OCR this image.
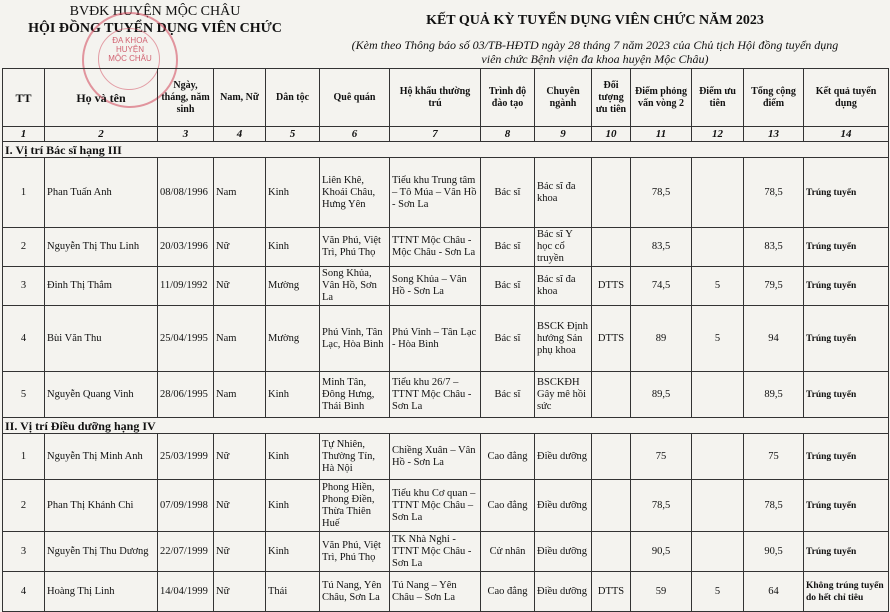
BVĐK HUYỆN MỘC CHÂU
HỘI ĐỒNG TUYỂN DỤNG VIÊN CHỨC
ĐA KHOA
HUYỆN
MỘC CHÂU
KẾT QUẢ KỲ TUYỂN DỤNG VIÊN CHỨC NĂM 2023
(Kèm theo Thông báo số 03/TB-HĐTD ngày 28 tháng 7 năm 2023 của Chủ tịch Hội đồng tuyển dụng
viên chức Bệnh viện đa khoa huyện Mộc Châu)
TT	Họ và tên	Ngày, tháng, năm sinh	Nam, Nữ	Dân tộc	Quê quán	Hộ khẩu thường trú	Trình độ đào tạo	Chuyên ngành	Đối tượng ưu tiên	Điểm phỏng vấn vòng 2	Điểm ưu tiên	Tổng cộng điểm	Kết quả tuyển dụng
1	2	3	4	5	6	7	8	9	10	11	12	13	14
I. Vị trí Bác sĩ hạng III													
1	Phan Tuấn Anh	08/08/1996	Nam	Kinh	Liên Khê, Khoái Châu, Hưng Yên	Tiểu khu Trung tâm – Tô Múa – Vân Hồ - Sơn La	Bác sĩ	Bác sĩ đa khoa		78,5		78,5	Trúng tuyển
2	Nguyễn Thị Thu Linh	20/03/1996	Nữ	Kinh	Văn Phú, Việt Trì, Phú Thọ	TTNT Mộc Châu - Mộc Châu - Sơn La	Bác sĩ	Bác sĩ Y học cổ truyền		83,5		83,5	Trúng tuyển
3	Đinh Thị Thắm	11/09/1992	Nữ	Mường	Song Khủa, Vân Hồ, Sơn La	Song Khủa – Vân Hồ - Sơn La	Bác sĩ	Bác sĩ đa khoa	DTTS	74,5	5	79,5	Trúng tuyển
4	Bùi Văn Thu	25/04/1995	Nam	Mường	Phú Vinh, Tân Lạc, Hòa Bình	Phú Vinh – Tân Lạc - Hòa Bình	Bác sĩ	BSCK Định hướng Sản phụ khoa	DTTS	89	5	94	Trúng tuyển
5	Nguyễn Quang Vinh	28/06/1995	Nam	Kinh	Minh Tân, Đông Hưng, Thái Bình	Tiểu khu 26/7 – TTNT Mộc Châu - Sơn La	Bác sĩ	BSCKĐH Gây mê hồi sức		89,5		89,5	Trúng tuyển
II. Vị trí Điều dưỡng hạng IV													
1	Nguyễn Thị Minh Anh	25/03/1999	Nữ	Kinh	Tự Nhiên, Thường Tín, Hà Nội	Chiềng Xuân – Vân Hồ - Sơn La	Cao đẳng	Điều dưỡng		75		75	Trúng tuyển
2	Phan Thị Khánh Chi	07/09/1998	Nữ	Kinh	Phong Hiền, Phong Điền, Thừa Thiên Huế	Tiểu khu Cơ quan – TTNT Mộc Châu – Sơn La	Cao đẳng	Điều dưỡng		78,5		78,5	Trúng tuyển
3	Nguyễn Thị Thu Dương	22/07/1999	Nữ	Kinh	Văn Phú, Việt Trì, Phú Thọ	TK Nhà Nghỉ - TTNT Mộc Châu - Sơn La	Cử nhân	Điều dưỡng		90,5		90,5	Trúng tuyển
4	Hoàng Thị Linh	14/04/1999	Nữ	Thái	Tú Nang, Yên Châu, Sơn La	Tú Nang – Yên Châu – Sơn La	Cao đẳng	Điều dưỡng	DTTS	59	5	64	Không trúng tuyển do hết chỉ tiêu
